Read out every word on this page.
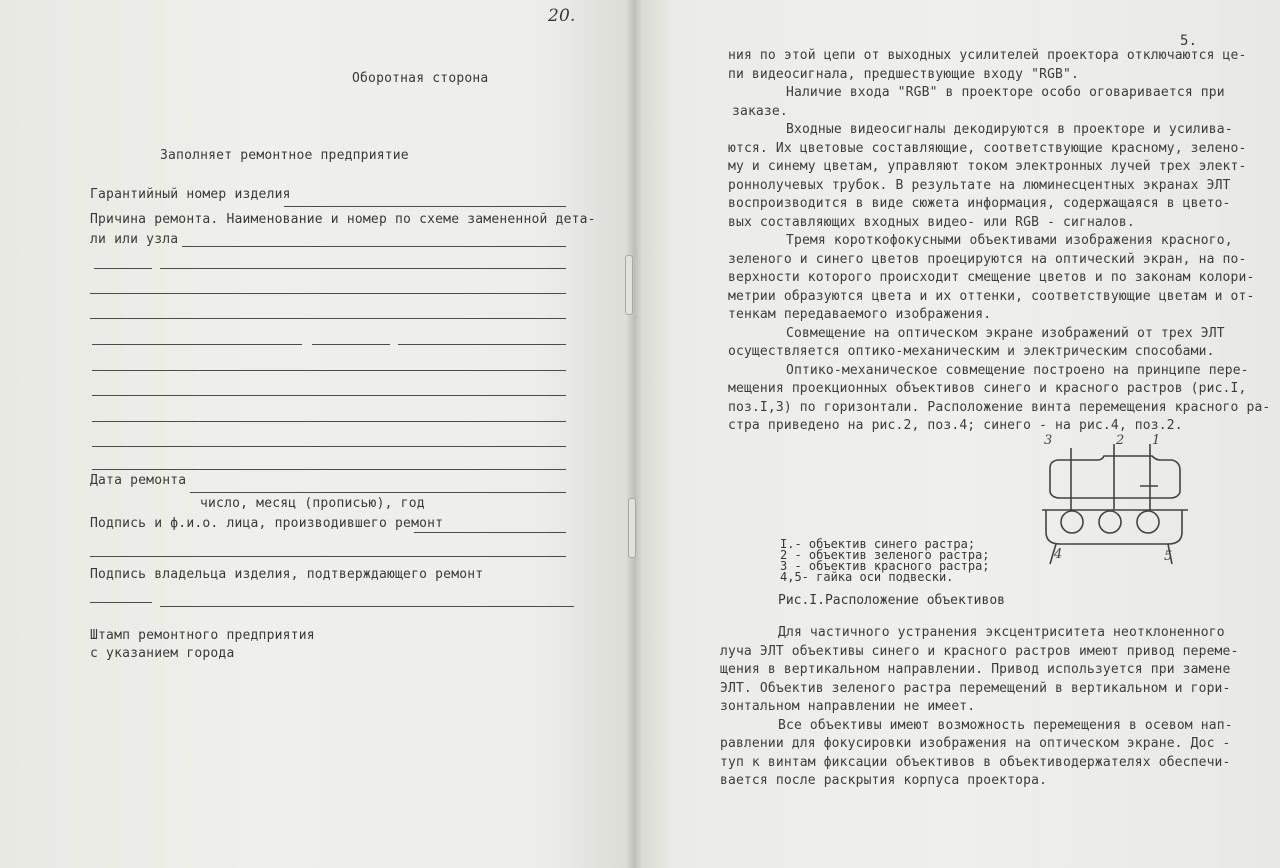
20.
Оборотная сторона
Заполняет ремонтное предприятие
Гарантийный номер изделия
Причина ремонта. Наименование и номер по схеме замененной дета-
ли или узла
Дата ремонта
число, месяц (прописью), год
Подпись и ф.и.о. лица, производившего ремонт
Подпись владельца изделия, подтверждающего ремонт
Штамп ремонтного предприятия
с указанием города
5.
ния по этой цепи от выходных усилителей проектора отключаются це-
пи видеосигнала, предшествующие входу "RGB".
Наличие входа "RGB" в проекторе особо оговаривается при
заказе.
Входные видеосигналы декодируются в проекторе и усилива-
ются. Их цветовые составляющие, соответствующие красному, зелено-
му и синему цветам, управляют током электронных лучей трех элект-
роннолучевых трубок. В результате на люминесцентных экранах ЭЛТ
воспроизводится в виде сюжета информация, содержащаяся в цвето-
вых составляющих входных видео- или RGB - сигналов.
Тремя короткофокусными объективами изображения красного,
зеленого и синего цветов проецируются на оптический экран, на по-
верхности которого происходит смещение цветов и по законам колори-
метрии образуются цвета и их оттенки, соответствующие цветам и от-
тенкам передаваемого изображения.
Совмещение на оптическом экране изображений от трех ЭЛТ
осуществляется оптико-механическим и электрическим способами.
Оптико-механическое совмещение построено на принципе пере-
мещения проекционных объективов синего и красного растров (рис.I,
поз.I,3) по горизонтали. Расположение винта перемещения красного ра-
стра приведено на рис.2, поз.4; синего - на рис.4, поз.2.
3	2 1
4	5
I.- объектив синего растра;
2 - объектив зеленого растра;
3 - объектив красного растра;
4,5- гайка оси подвески.
Рис.I.Расположение объективов
Для частичного устранения эксцентриситета неотклоненного
луча ЭЛТ объективы синего и красного растров имеют привод переме-
щения в вертикальном направлении. Привод используется при замене
ЭЛТ. Объектив зеленого растра перемещений в вертикальном и гори-
зонтальном направлении не имеет.
Все объективы имеют возможность перемещения в осевом нап-
равлении для фокусировки изображения на оптическом экране. Дос -
туп к винтам фиксации объективов в объективодержателях обеспечи-
вается после раскрытия корпуса проектора.
